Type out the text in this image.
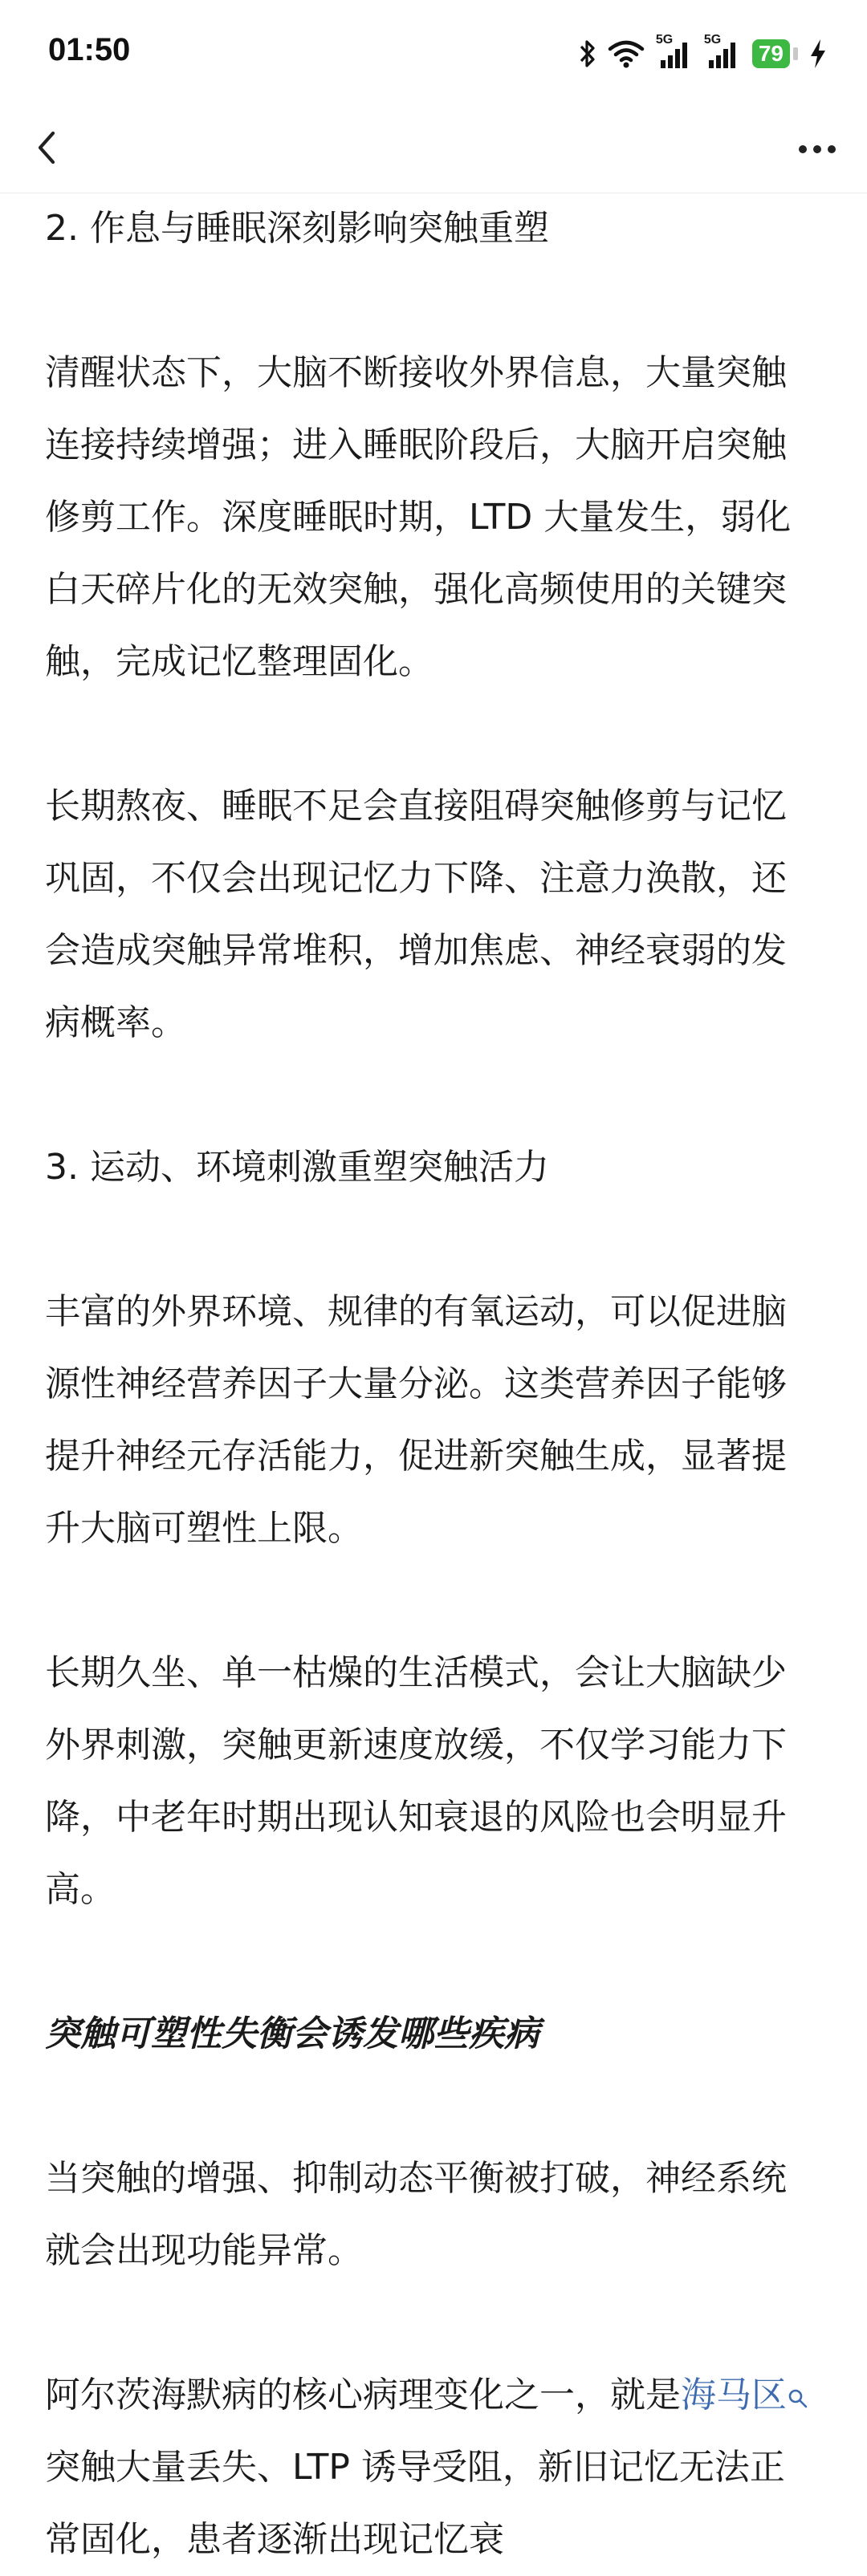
01:50	5G 5G
79

2. 作息与睡眠深刻影响突触重塑

清醒状态下，大脑不断接收外界信息，大量突触连接持续增强；进入睡眠阶段后，大脑开启突触修剪工作。深度睡眠时期，LTD 大量发生，弱化白天碎片化的无效突触，强化高频使用的关键突触，完成记忆整理固化。

长期熬夜、睡眠不足会直接阻碍突触修剪与记忆巩固，不仅会出现记忆力下降、注意力涣散，还会造成突触异常堆积，增加焦虑、神经衰弱的发病概率。

3. 运动、环境刺激重塑突触活力

丰富的外界环境、规律的有氧运动，可以促进脑源性神经营养因子大量分泌。这类营养因子能够提升神经元存活能力，促进新突触生成，显著提升大脑可塑性上限。

长期久坐、单一枯燥的生活模式，会让大脑缺少外界刺激，突触更新速度放缓，不仅学习能力下降，中老年时期出现认知衰退的风险也会明显升高。

突触可塑性失衡会诱发哪些疾病

当突触的增强、抑制动态平衡被打破，神经系统就会出现功能异常。

阿尔茨海默病的核心病理变化之一，就是海马区突触大量丢失、LTP 诱导受阻，新旧记忆无法正常固化，患者逐渐出现记忆衰
